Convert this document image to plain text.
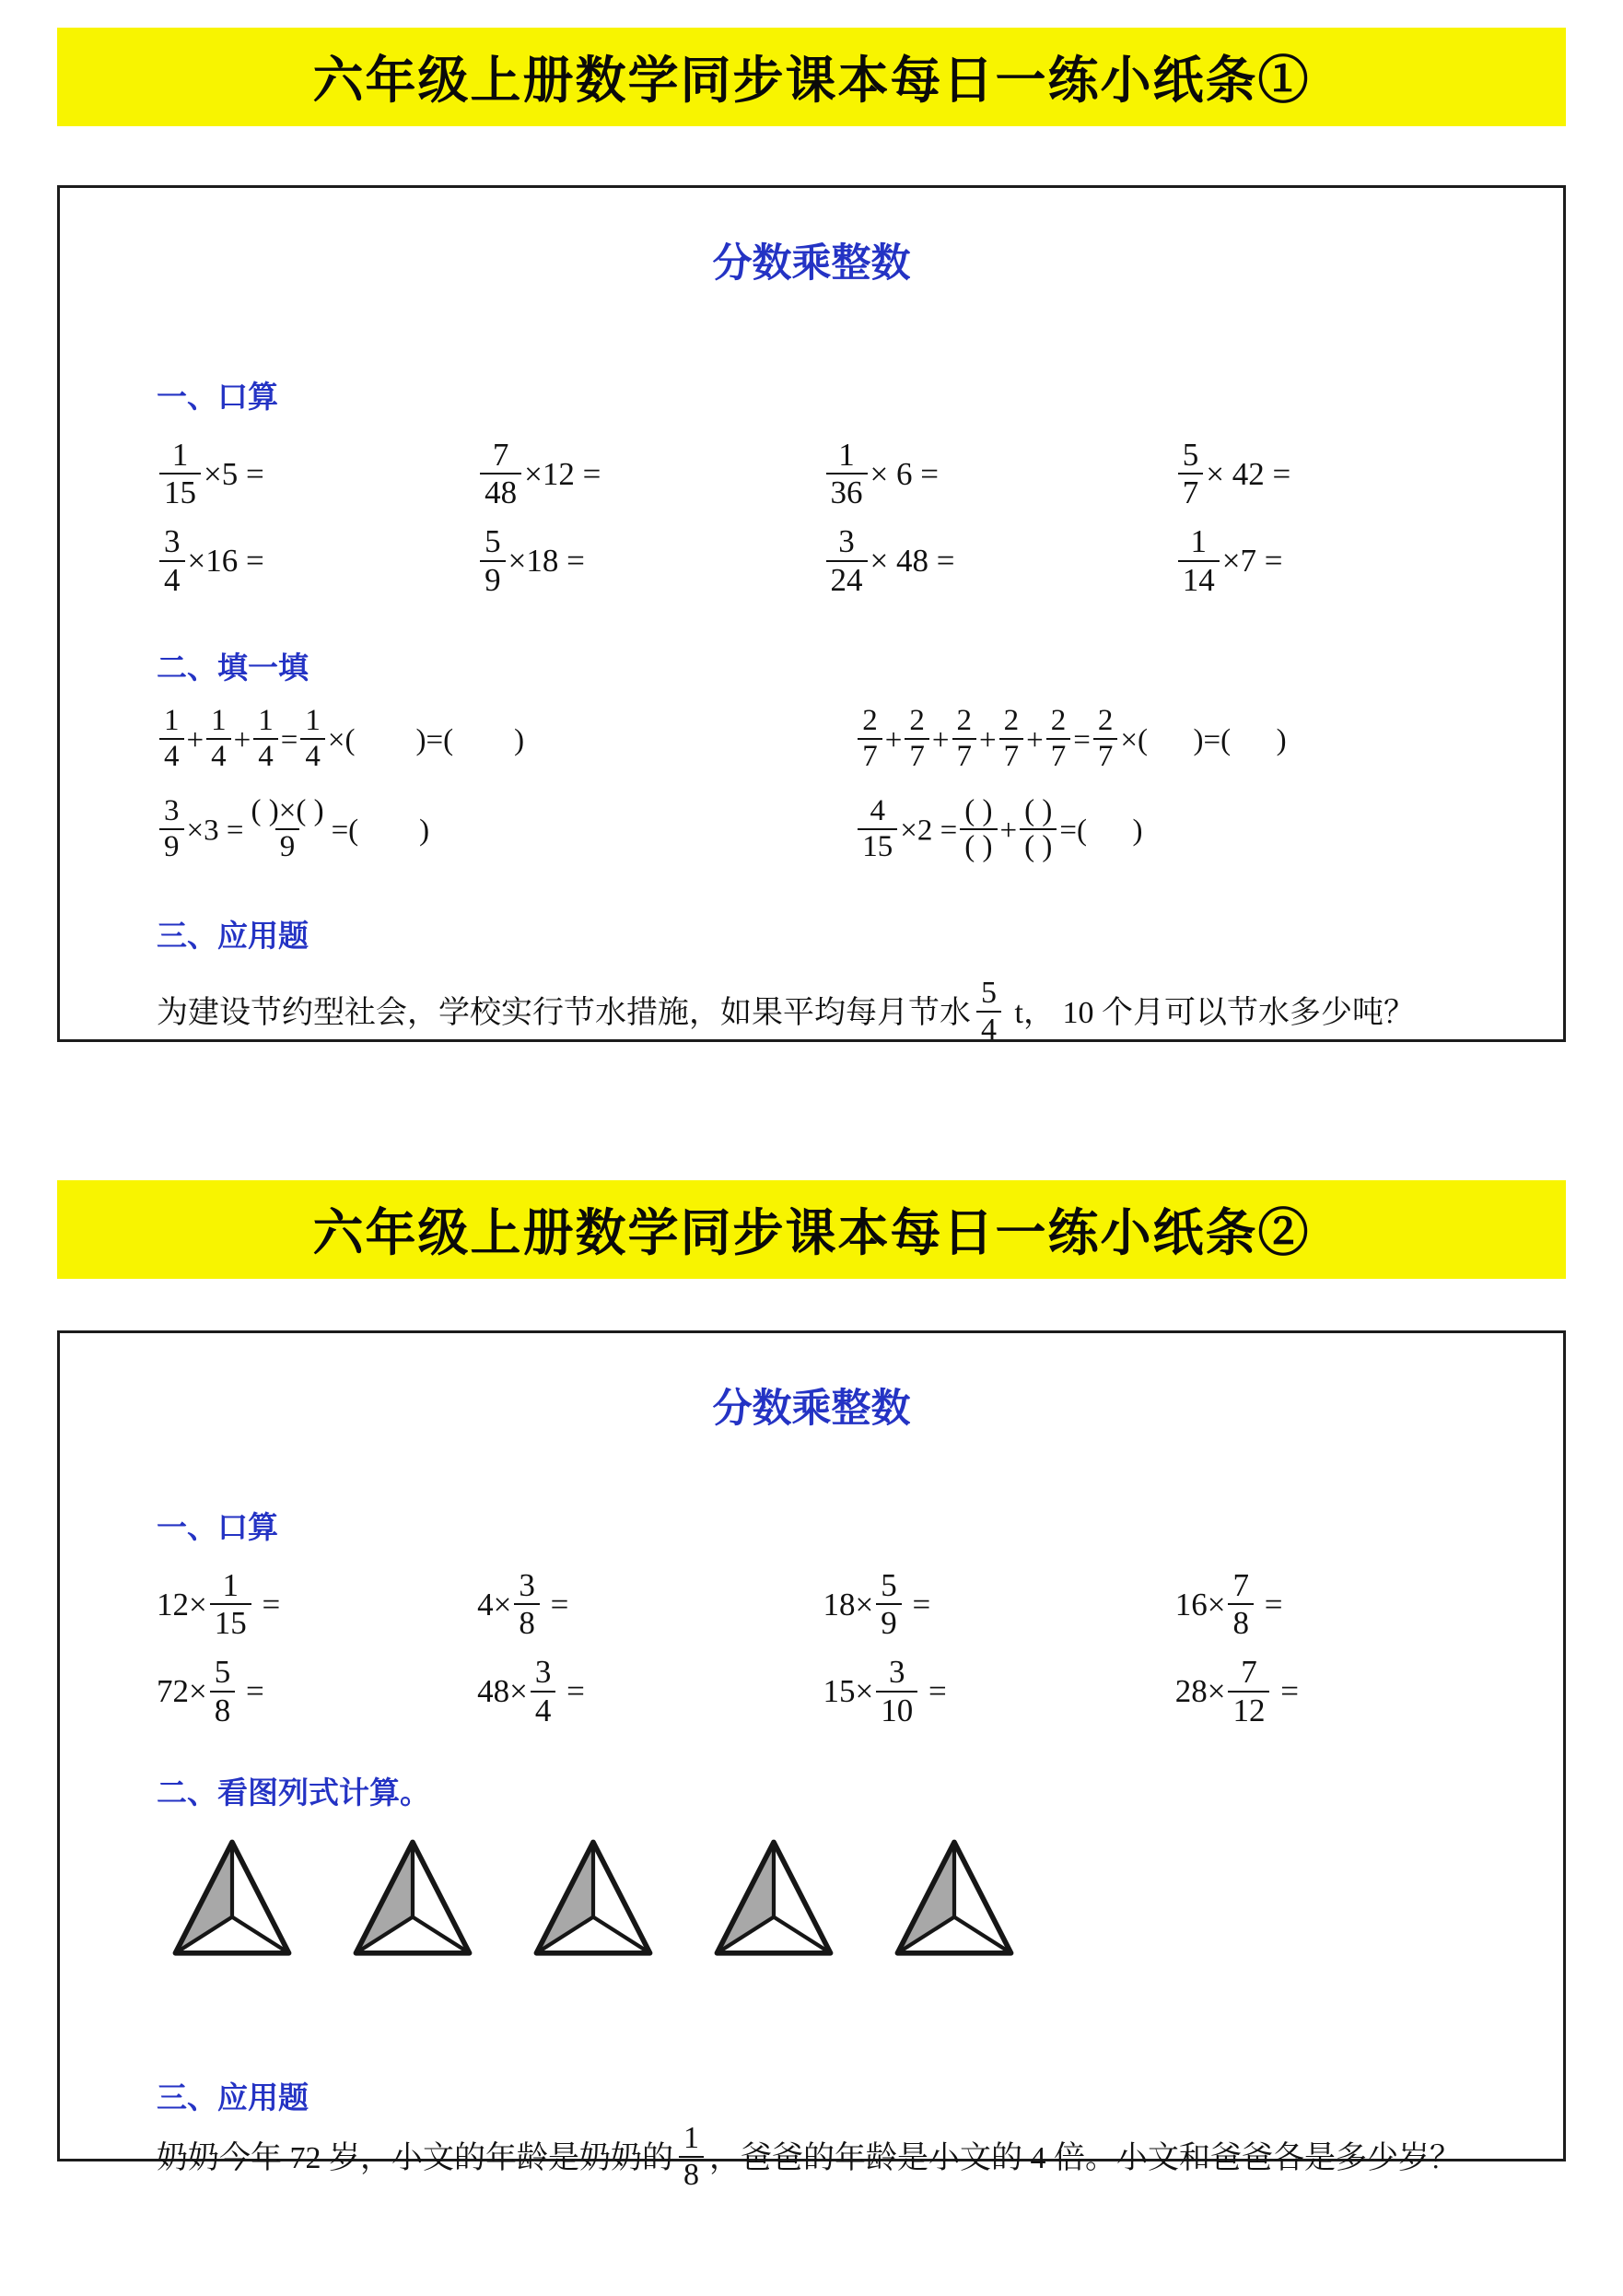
六年级上册数学同步课本每日一练小纸条①
分数乘整数
一、口算
$\frac{1}{15} \times 5$ =	$\frac{7}{48} \times 12$ =	$\frac{1}{36} \times 6$ =	$\frac{5}{7} \times 42$ =
$\frac{3}{4} \times 16$ =	$\frac{5}{9} \times 18$ =	$\frac{3}{24} \times 48$ =	$\frac{1}{14} \times 7$ =
二、填一填
$\frac{1}{4} + \frac{1}{4} + \frac{1}{4} = \frac{1}{4}$ ×(        )=(        )	$\frac{2}{7} + \frac{2}{7} + \frac{2}{7} + \frac{2}{7} + \frac{2}{7} = \frac{2}{7}$ ×(      )=(      )
$\frac{3}{9} \times 3 = \frac{( )\times( )}{9}$ =(        )	$\frac{4}{15} \times 2 = \frac{( )}{( )} + \frac{( )}{( )}$ =(      )
三、应用题
为建设节约型社会，学校实行节水措施，如果平均每月节水 $\frac{5}{4}$ t， 10 个月可以节水多少吨？
六年级上册数学同步课本每日一练小纸条②
分数乘整数
一、口算
$12\times \frac{1}{15}$ =	$4\times \frac{3}{8}$ =	$18\times \frac{5}{9}$ =	$16\times \frac{7}{8}$ =
$72\times \frac{5}{8}$ =	$48\times \frac{3}{4}$ =	$15\times \frac{3}{10}$ =	$28\times \frac{7}{12}$ =
二、看图列式计算。
三、应用题
奶奶今年 72 岁，小文的年龄是奶奶的 $\frac{1}{8}$ ，爸爸的年龄是小文的 4 倍。小文和爸爸各是多少岁？
